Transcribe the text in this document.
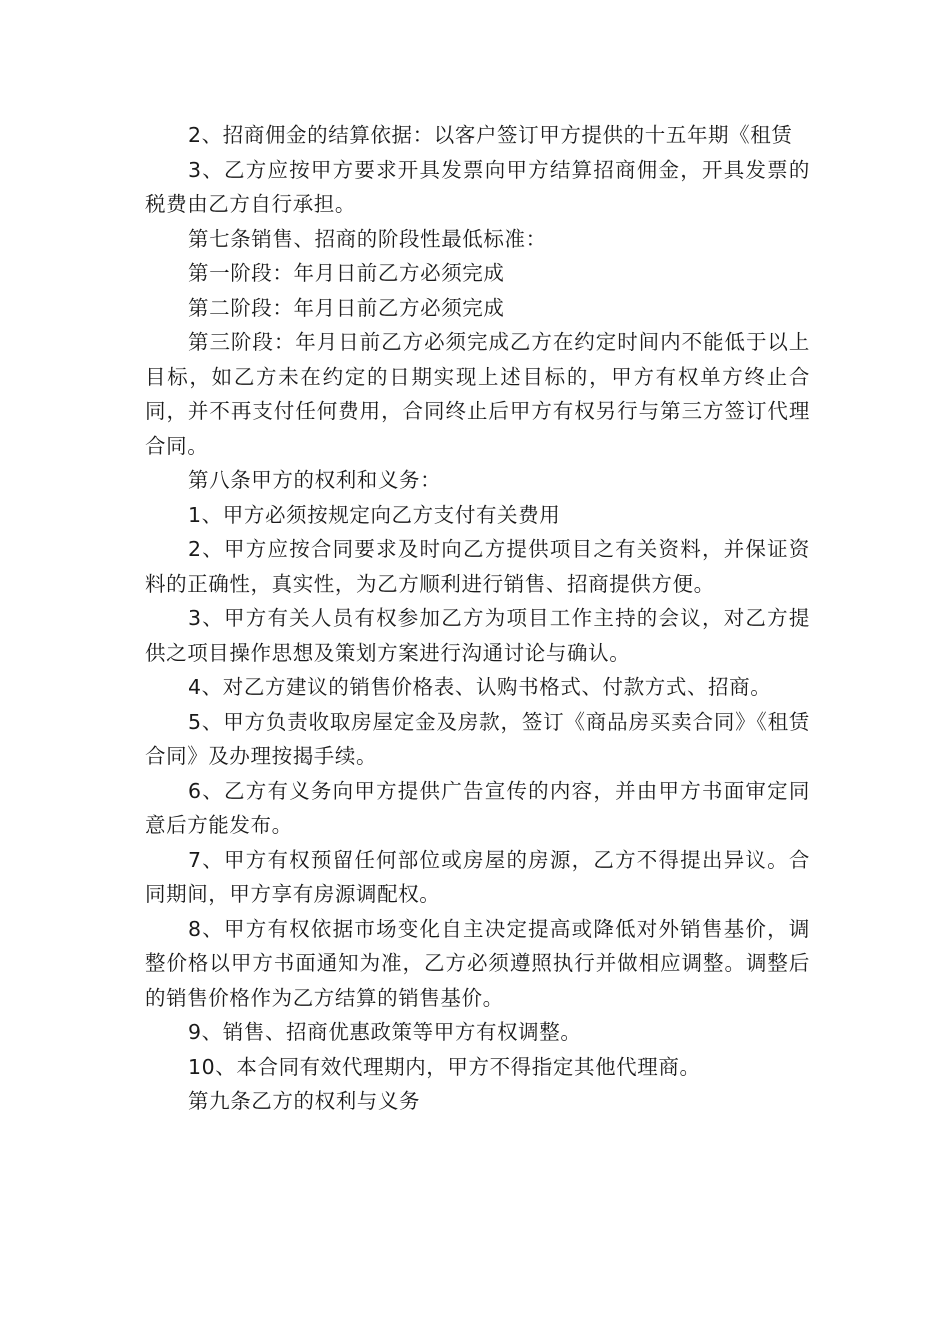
2、招商佣金的结算依据：以客户签订甲方提供的十五年期《租赁

3、乙方应按甲方要求开具发票向甲方结算招商佣金，开具发票的税费由乙方自行承担。

第七条销售、招商的阶段性最低标准：

第一阶段：年月日前乙方必须完成

第二阶段：年月日前乙方必须完成

第三阶段：年月日前乙方必须完成乙方在约定时间内不能低于以上目标，如乙方未在约定的日期实现上述目标的，甲方有权单方终止合同，并不再支付任何费用，合同终止后甲方有权另行与第三方签订代理合同。

第八条甲方的权利和义务：

1、甲方必须按规定向乙方支付有关费用

2、甲方应按合同要求及时向乙方提供项目之有关资料，并保证资料的正确性，真实性，为乙方顺利进行销售、招商提供方便。

3、甲方有关人员有权参加乙方为项目工作主持的会议，对乙方提供之项目操作思想及策划方案进行沟通讨论与确认。

4、对乙方建议的销售价格表、认购书格式、付款方式、招商。

5、甲方负责收取房屋定金及房款，签订《商品房买卖合同》《租赁合同》及办理按揭手续。

6、乙方有义务向甲方提供广告宣传的内容，并由甲方书面审定同意后方能发布。

7、甲方有权预留任何部位或房屋的房源，乙方不得提出异议。合同期间，甲方享有房源调配权。

8、甲方有权依据市场变化自主决定提高或降低对外销售基价，调整价格以甲方书面通知为准，乙方必须遵照执行并做相应调整。调整后的销售价格作为乙方结算的销售基价。

9、销售、招商优惠政策等甲方有权调整。

10、本合同有效代理期内，甲方不得指定其他代理商。

第九条乙方的权利与义务
